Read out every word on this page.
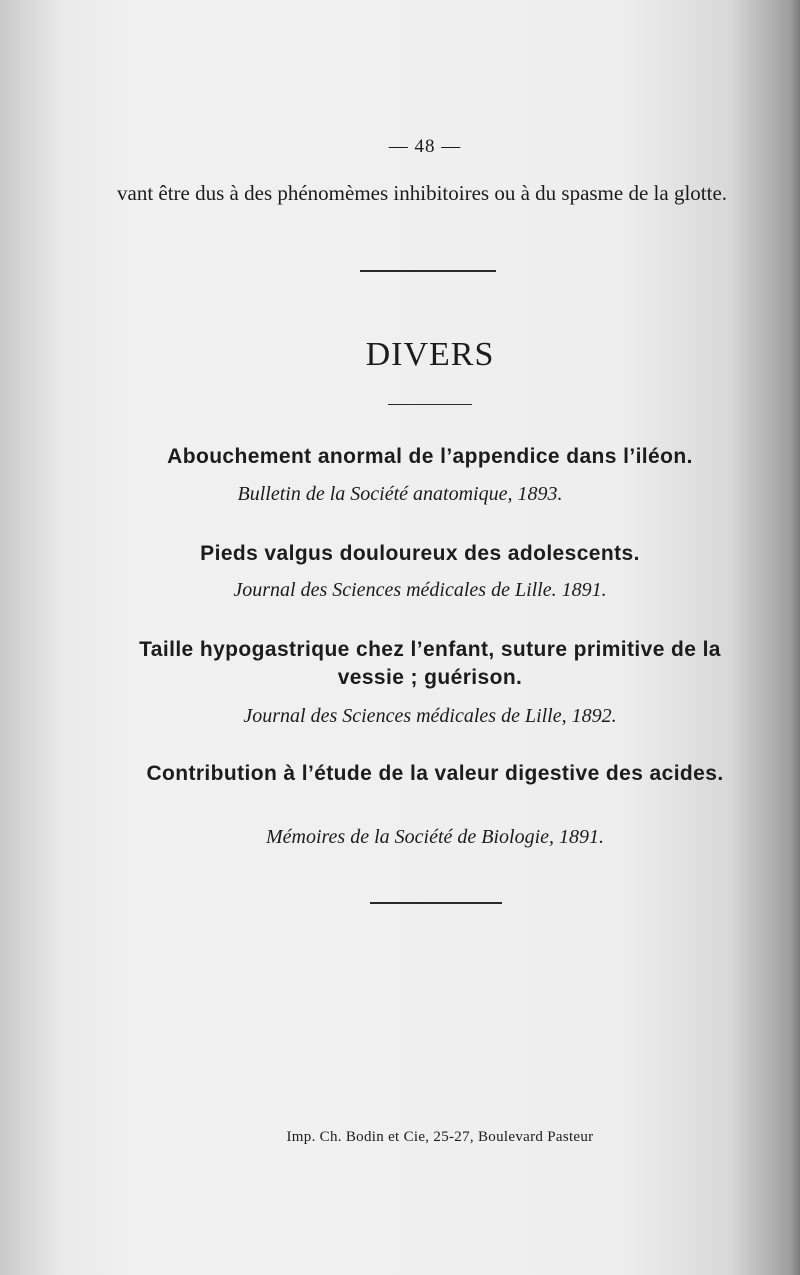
— 48 —
vant être dus à des phénomèmes inhibitoires ou à du spasme de la glotte.
DIVERS
Abouchement anormal de l’appendice dans l’iléon.
Bulletin de la Société anatomique, 1893.
Pieds valgus douloureux des adolescents.
Journal des Sciences médicales de Lille. 1891.
Taille hypogastrique chez l’enfant, suture primitive de la vessie ; guérison.
Journal des Sciences médicales de Lille, 1892.
Contribution à l’étude de la valeur digestive des acides.
Mémoires de la Société de Biologie, 1891.
Imp. Ch. Bodin et Cie, 25-27, Boulevard Pasteur
